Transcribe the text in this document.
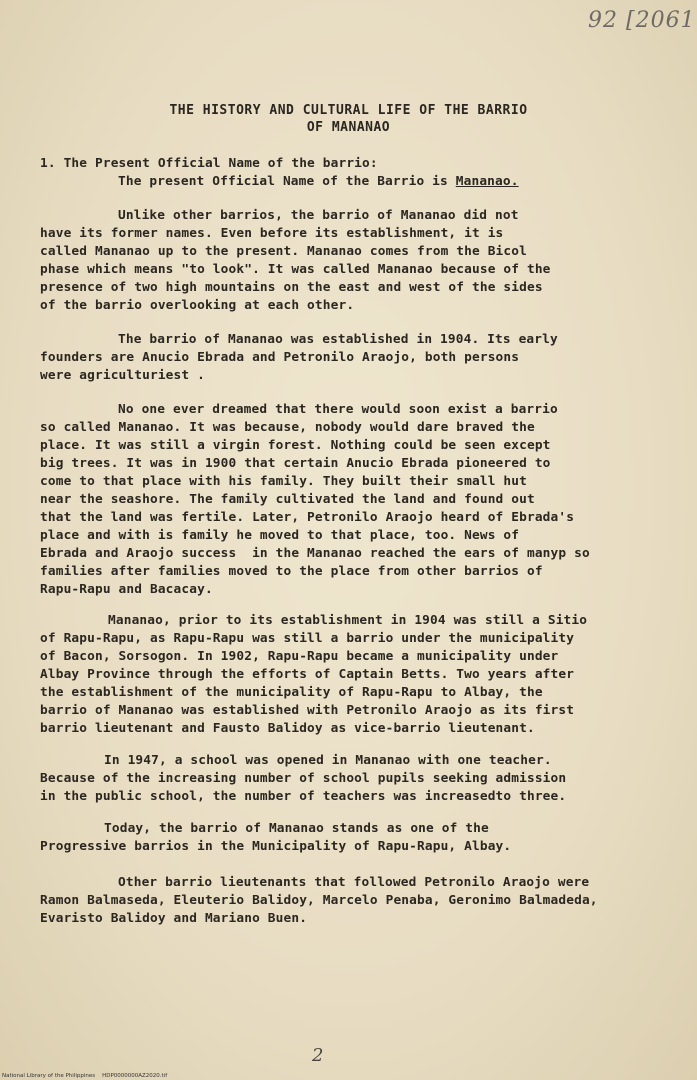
92 [2061
THE HISTORY AND CULTURAL LIFE OF THE BARRIO
OF MANANAO
1. The Present Official Name of the barrio:
The present Official Name of the Barrio is Mananao.
Unlike other barrios, the barrio of Mananao did not
have its former names. Even before its establishment, it is
called Mananao up to the present. Mananao comes from the Bicol
phase which means "to look". It was called Mananao because of the
presence of two high mountains on the east and west of the sides
of the barrio overlooking at each other.
The barrio of Mananao was established in 1904. Its early
founders are Anucio Ebrada and Petronilo Araojo, both persons
were agriculturiest .
No one ever dreamed that there would soon exist a barrio
so called Mananao. It was because, nobody would dare braved the
place. It was still a virgin forest. Nothing could be seen except
big trees. It was in 1900 that certain Anucio Ebrada pioneered to
come to that place with his family. They built their small hut
near the seashore. The family cultivated the land and found out
that the land was fertile. Later, Petronilo Araojo heard of Ebrada's
place and with is family he moved to that place, too. News of
Ebrada and Araojo success  in the Mananao reached the ears of manyp so
families after families moved to the place from other barrios of
Rapu-Rapu and Bacacay.
Mananao, prior to its establishment in 1904 was still a Sitio
of Rapu-Rapu, as Rapu-Rapu was still a barrio under the municipality
of Bacon, Sorsogon. In 1902, Rapu-Rapu became a municipality under
Albay Province through the efforts of Captain Betts. Two years after
the establishment of the municipality of Rapu-Rapu to Albay, the
barrio of Mananao was established with Petronilo Araojo as its first
barrio lieutenant and Fausto Balidoy as vice-barrio lieutenant.
In 1947, a school was opened in Mananao with one teacher.
Because of the increasing number of school pupils seeking admission
in the public school, the number of teachers was increasedto three.
Today, the barrio of Mananao stands as one of the
Progressive barrios in the Municipality of Rapu-Rapu, Albay.
Other barrio lieutenants that followed Petronilo Araojo were
Ramon Balmaseda, Eleuterio Balidoy, Marcelo Penaba, Geronimo Balmadeda,
Evaristo Balidoy and Mariano Buen.
2
National Library of the Philippines    HDP0000000AZ2020.tif
